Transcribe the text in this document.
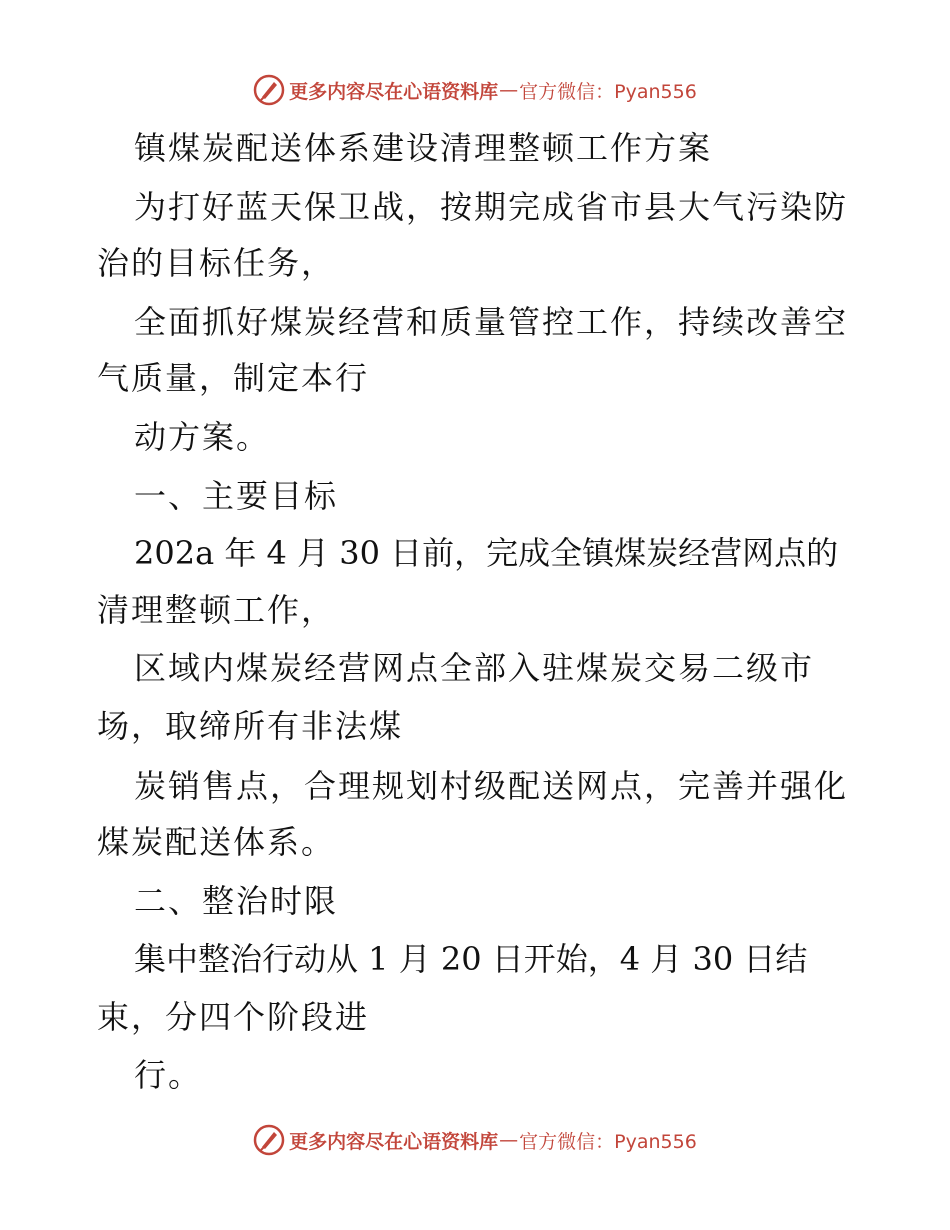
更多内容尽在心语资料库 — 官方微信：Pyan556
镇煤炭配送体系建设清理整顿工作方案
为打好蓝天保卫战，按期完成省市县大气污染防
治的目标任务，
全面抓好煤炭经营和质量管控工作，持续改善空
气质量，制定本行
动方案。
一、主要目标
202a 年 4 月 30 日前，完成全镇煤炭经营网点的
清理整顿工作，
区域内煤炭经营网点全部入驻煤炭交易二级市
场，取缔所有非法煤
炭销售点，合理规划村级配送网点，完善并强化
煤炭配送体系。
二、整治时限
集中整治行动从 1 月 20 日开始，4 月 30 日结
束，分四个阶段进
行。
更多内容尽在心语资料库 — 官方微信：Pyan556
